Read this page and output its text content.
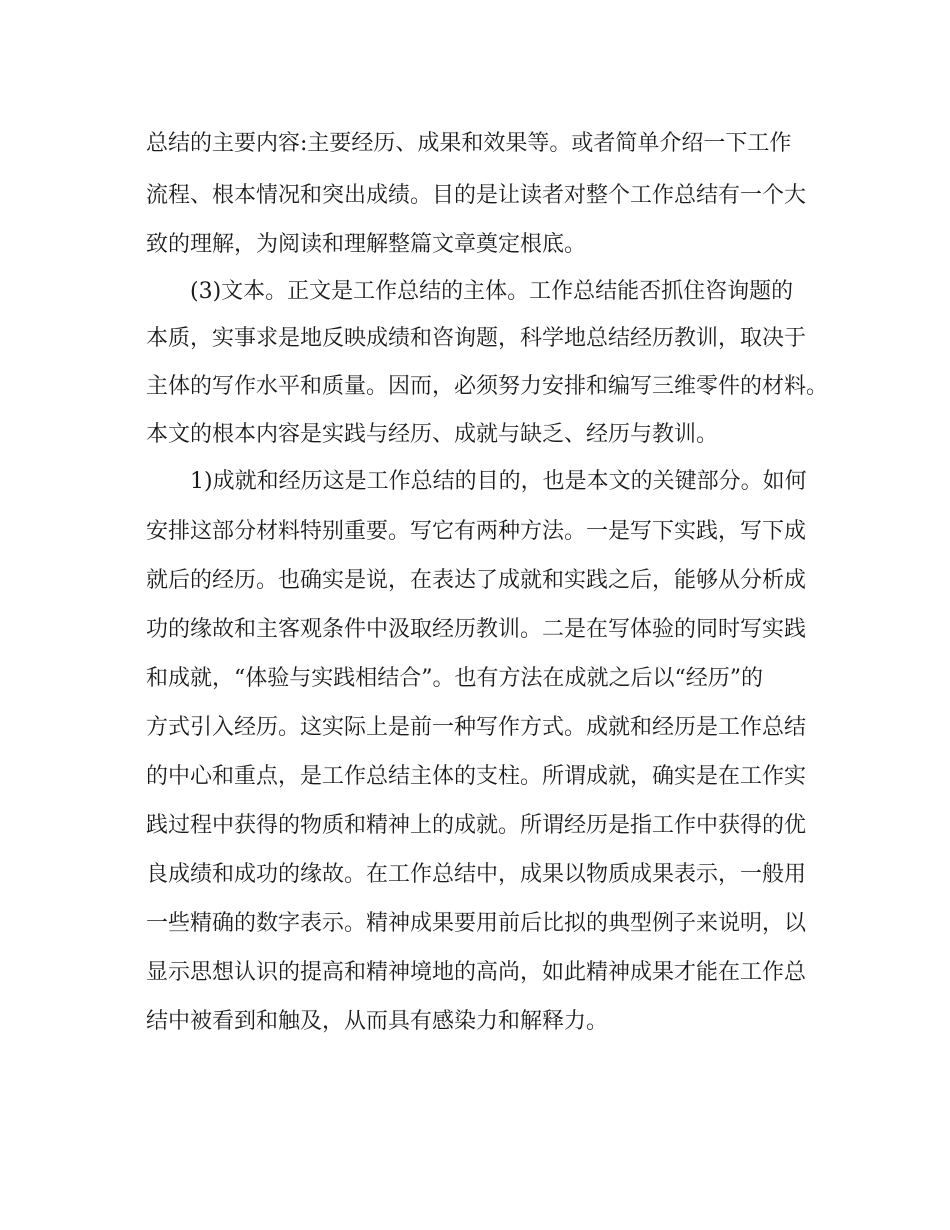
总结的主要内容:主要经历、成果和效果等。或者简单介绍一下工作
流程、根本情况和突出成绩。目的是让读者对整个工作总结有一个大
致的理解，为阅读和理解整篇文章奠定根底。
(3)文本。正文是工作总结的主体。工作总结能否抓住咨询题的
本质，实事求是地反映成绩和咨询题，科学地总结经历教训，取决于
主体的写作水平和质量。因而，必须努力安排和编写三维零件的材料。
本文的根本内容是实践与经历、成就与缺乏、经历与教训。
1)成就和经历这是工作总结的目的，也是本文的关键部分。如何
安排这部分材料特别重要。写它有两种方法。一是写下实践，写下成
就后的经历。也确实是说，在表达了成就和实践之后，能够从分析成
功的缘故和主客观条件中汲取经历教训。二是在写体验的同时写实践
和成就，“体验与实践相结合”。也有方法在成就之后以“经历”的
方式引入经历。这实际上是前一种写作方式。成就和经历是工作总结
的中心和重点，是工作总结主体的支柱。所谓成就，确实是在工作实
践过程中获得的物质和精神上的成就。所谓经历是指工作中获得的优
良成绩和成功的缘故。在工作总结中，成果以物质成果表示，一般用
一些精确的数字表示。精神成果要用前后比拟的典型例子来说明，以
显示思想认识的提高和精神境地的高尚，如此精神成果才能在工作总
结中被看到和触及，从而具有感染力和解释力。
